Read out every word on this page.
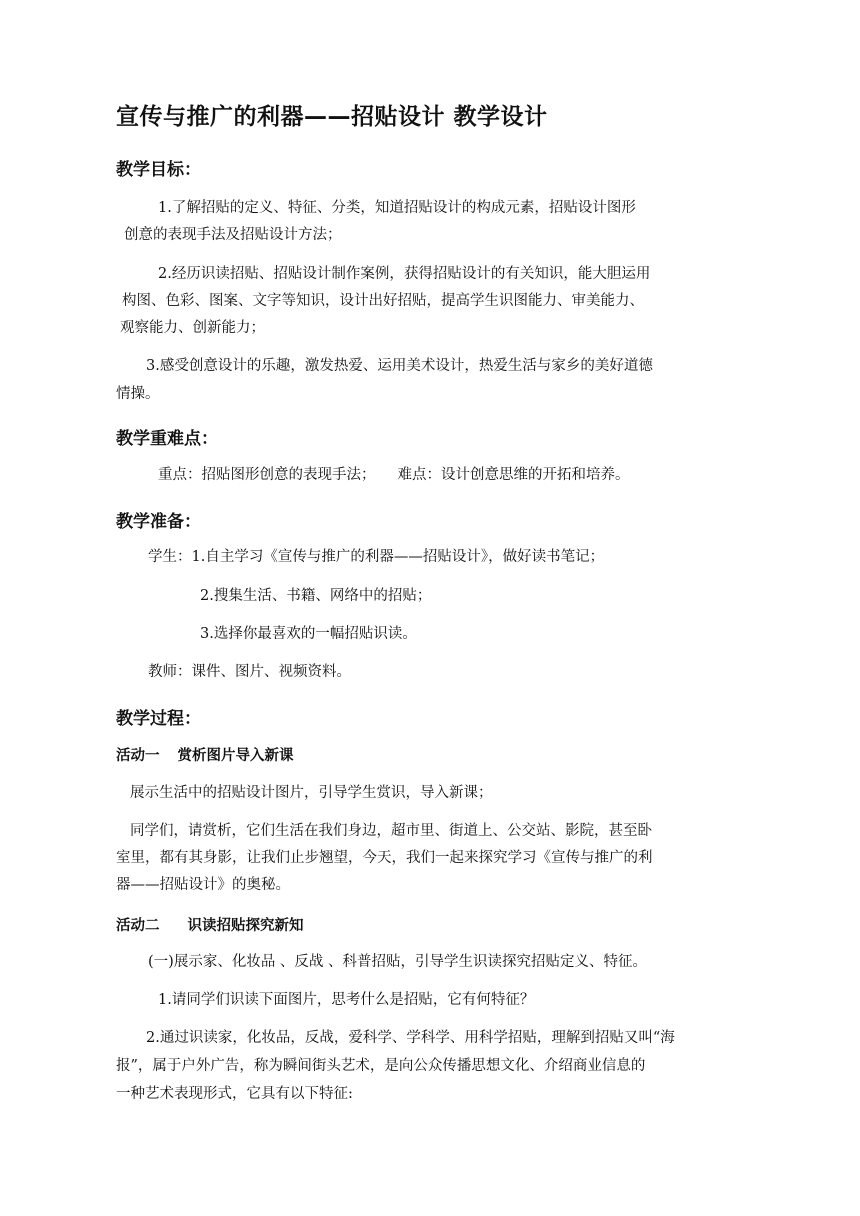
宣传与推广的利器——招贴设计 教学设计
教学目标：

1.了解招贴的定义、特征、分类，知道招贴设计的构成元素，招贴设计图形

创意的表现手法及招贴设计方法；

2.经历识读招贴、招贴设计制作案例，获得招贴设计的有关知识，能大胆运用

构图、色彩、图案、文字等知识，设计出好招贴，提高学生识图能力、审美能力、

观察能力、创新能力；

3.感受创意设计的乐趣，激发热爱、运用美术设计，热爱生活与家乡的美好道德

情操。

教学重难点：

重点：招贴图形创意的表现手法； 难点：设计创意思维的开拓和培养。

教学准备：

学生：1.自主学习《宣传与推广的利器——招贴设计》，做好读书笔记；

2.搜集生活、书籍、网络中的招贴；

3.选择你最喜欢的一幅招贴识读。

教师：课件、图片、视频资料。

教学过程：

活动一 赏析图片导入新课

展示生活中的招贴设计图片，引导学生赏识，导入新课；

同学们，请赏析，它们生活在我们身边，超市里、街道上、公交站、影院，甚至卧

室里，都有其身影，让我们止步翘望，今天，我们一起来探究学习《宣传与推广的利

器——招贴设计》的奥秘。

活动二 识读招贴探究新知

(一)展示家、化妆品 、反战 、科普招贴，引导学生识读探究招贴定义、特征。

1.请同学们识读下面图片，思考什么是招贴，它有何特征？

2.通过识读家，化妆品，反战，爱科学、学科学、用科学招贴，理解到招贴又叫“海

报”，属于户外广告，称为瞬间街头艺术，是向公众传播思想文化、介绍商业信息的

一种艺术表现形式，它具有以下特征:
